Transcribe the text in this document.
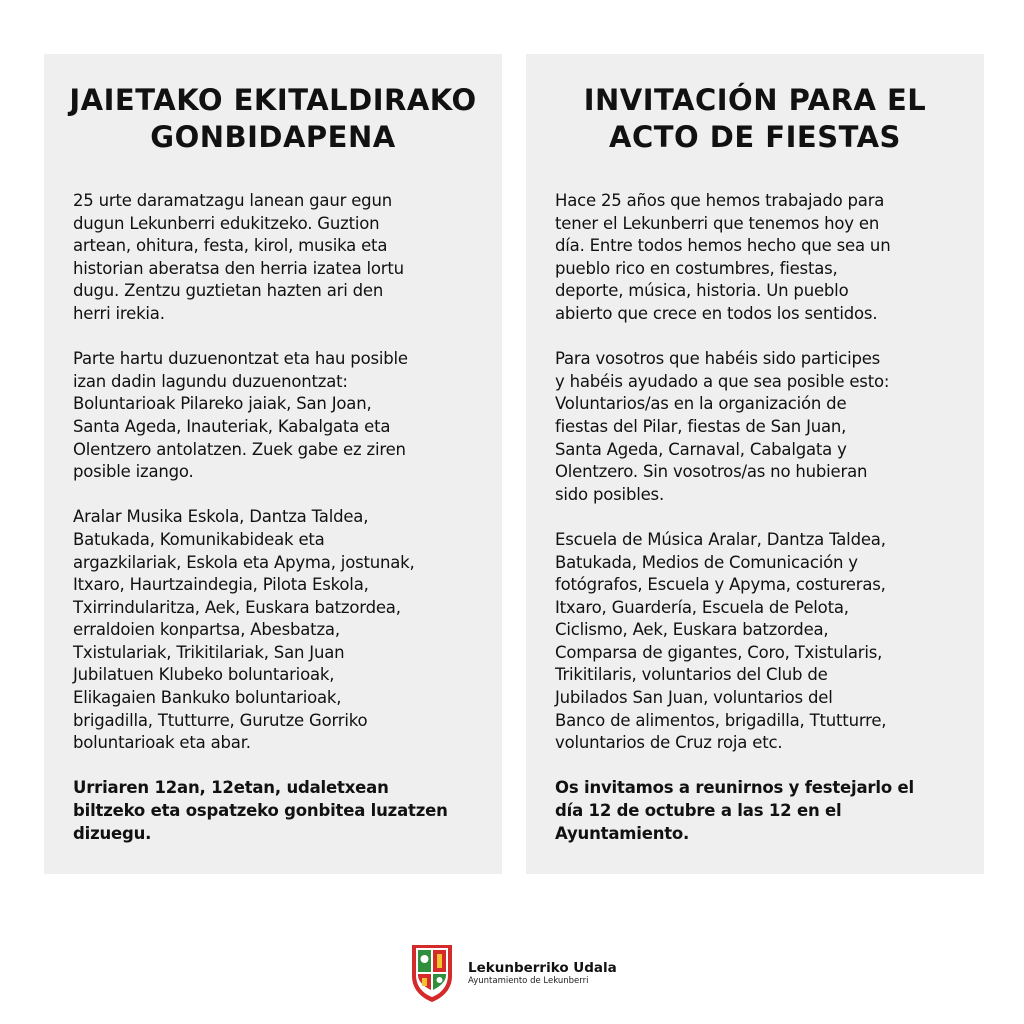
JAIETAKO EKITALDIRAKO
GONBIDAPENA

25 urte daramatzagu lanean gaur egun
dugun Lekunberri edukitzeko. Guztion
artean, ohitura, festa, kirol, musika eta
historian aberatsa den herria izatea lortu
dugu. Zentzu guztietan hazten ari den
herri irekia.

Parte hartu duzuenontzat eta hau posible
izan dadin lagundu duzuenontzat:
Boluntarioak Pilareko jaiak, San Joan,
Santa Ageda, Inauteriak, Kabalgata eta
Olentzero antolatzen. Zuek gabe ez ziren
posible izango.

Aralar Musika Eskola, Dantza Taldea,
Batukada, Komunikabideak eta
argazkilariak, Eskola eta Apyma, jostunak,
Itxaro, Haurtzaindegia, Pilota Eskola,
Txirrindularitza, Aek, Euskara batzordea,
erraldoien konpartsa, Abesbatza,
Txistulariak, Trikitilariak, San Juan
Jubilatuen Klubeko boluntarioak,
Elikagaien Bankuko boluntarioak,
brigadilla, Ttutturre, Gurutze Gorriko
boluntarioak eta abar.

Urriaren 12an, 12etan, udaletxean
biltzeko eta ospatzeko gonbitea luzatzen
dizuegu.

INVITACIÓN PARA EL
ACTO DE FIESTAS

Hace 25 años que hemos trabajado para
tener el Lekunberri que tenemos hoy en
día. Entre todos hemos hecho que sea un
pueblo rico en costumbres, fiestas,
deporte, música, historia. Un pueblo
abierto que crece en todos los sentidos.

Para vosotros que habéis sido participes
y habéis ayudado a que sea posible esto:
Voluntarios/as en la organización de
fiestas del Pilar, fiestas de San Juan,
Santa Ageda, Carnaval, Cabalgata y
Olentzero. Sin vosotros/as no hubieran
sido posibles.

Escuela de Música Aralar, Dantza Taldea,
Batukada, Medios de Comunicación y
fotógrafos, Escuela y Apyma, costureras,
Itxaro, Guardería, Escuela de Pelota,
Ciclismo, Aek, Euskara batzordea,
Comparsa de gigantes, Coro, Txistularis,
Trikitilaris, voluntarios del Club de
Jubilados San Juan, voluntarios del
Banco de alimentos, brigadilla, Ttutturre,
voluntarios de Cruz roja etc.

Os invitamos a reunirnos y festejarlo el
día 12 de octubre a las 12 en el
Ayuntamiento.

Lekunberriko Udala
Ayuntamiento de Lekunberri
